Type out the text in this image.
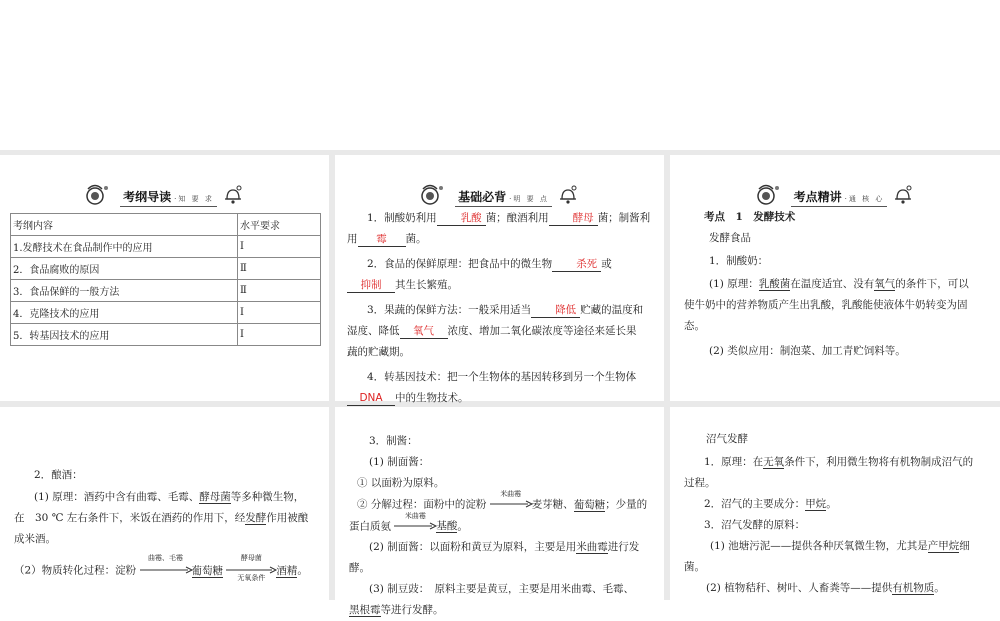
考纲导读 ·知 要 求
考纲内容	水平要求
1.发酵技术在食品制作中的应用	Ⅰ
2．食品腐败的原因	Ⅱ
3．食品保鲜的一般方法	Ⅱ
4．克隆技术的应用	Ⅰ
5．转基因技术的应用	Ⅰ
基础必背 ·明 要 点
1．制酸奶利用 乳酸 菌；酿酒利用 酵母 菌；制酱利
用 霉 菌。
2．食品的保鲜原理：把食品中的微生物 杀死 或
抑制 其生长繁殖。
3．果蔬的保鲜方法：一般采用适当 降低 贮藏的温度和
湿度、降低 氧气 浓度、增加二氧化碳浓度等途径来延长果
蔬的贮藏期。
4．转基因技术：把一个生物体的基因转移到另一个生物体
DNA 中的生物技术。
考点精讲 ·通 核 心
考点　1　发酵技术
发酵食品
1．制酸奶：
(1) 原理：乳酸菌在温度适宜、没有氧气的条件下，可以
使牛奶中的营养物质产生出乳酸，乳酸能使液体牛奶转变为固
态。
(2) 类似应用：制泡菜、加工青贮饲料等。
2．酿酒：
(1) 原理：酒药中含有曲霉、毛霉、酵母菌等多种微生物，
在　30 ℃ 左右条件下，米饭在酒药的作用下，经发酵作用被酿
成米酒。
（2）物质转化过程：淀粉
曲霉、毛霉
葡萄糖
酵母菌
无氧条件
酒精。
3．制酱：
(1) 制面酱：
① 以面粉为原料。
② 分解过程：面粉中的淀粉
米曲霉
麦芽糖、葡萄糖；少量的
蛋白质氨
米曲霉
基酸。
(2) 制面酱：以面粉和黄豆为原料，主要是用米曲霉进行发
酵。
(3) 制豆豉：　原料主要是黄豆，主要是用米曲霉、毛霉、
黑根霉等进行发酵。
沼气发酵
1．原理：在无氧条件下，利用微生物将有机物制成沼气的
过程。
2．沼气的主要成分：甲烷。
3．沼气发酵的原料：
(1) 池塘污泥——提供各种厌氧微生物，尤其是产甲烷细
菌。
(2) 植物秸秆、树叶、人畜粪等——提供有机物质。
